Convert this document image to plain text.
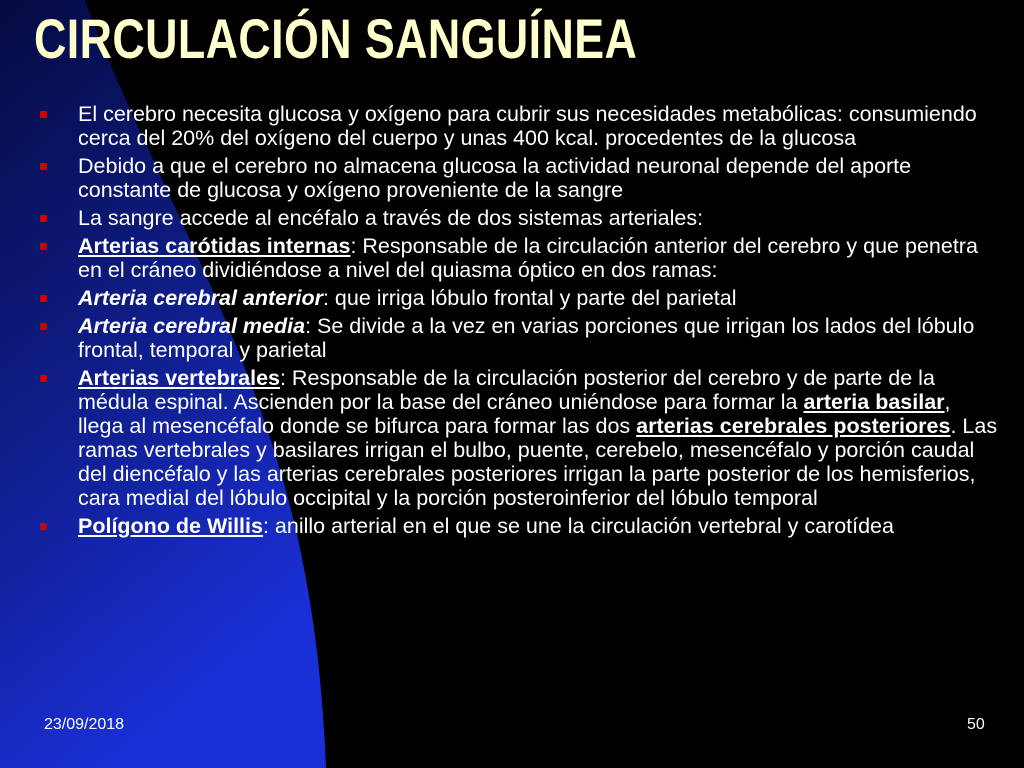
CIRCULACIÓN SANGUÍNEA
El cerebro necesita glucosa y oxígeno para cubrir sus necesidades metabólicas: consumiendo cerca del 20% del oxígeno del cuerpo y unas 400 kcal. procedentes de la glucosa
Debido a que el cerebro no almacena glucosa la actividad neuronal depende del aporte constante de glucosa y oxígeno proveniente de la sangre
La sangre accede al encéfalo a través de dos sistemas arteriales:
Arterias carótidas internas: Responsable de la circulación anterior del cerebro y que penetra en el cráneo dividiéndose a nivel del quiasma óptico en dos ramas:
Arteria cerebral anterior: que irriga lóbulo frontal y parte del parietal
Arteria cerebral media: Se divide a la vez en varias porciones que irrigan los lados del lóbulo frontal, temporal y parietal
Arterias vertebrales: Responsable de la circulación posterior del cerebro y de parte de la médula espinal. Ascienden por la base del cráneo uniéndose para formar la arteria basilar, llega al mesencéfalo donde se bifurca para formar las dos arterias cerebrales posteriores. Las ramas vertebrales y basilares irrigan el bulbo, puente, cerebelo, mesencéfalo y porción caudal del diencéfalo y las arterias cerebrales posteriores irrigan la parte posterior de los hemisferios, cara medial del lóbulo occipital y la porción posteroinferior del lóbulo temporal
Polígono de Willis: anillo arterial en el que se une la circulación vertebral y carotídea
23/09/2018	50
